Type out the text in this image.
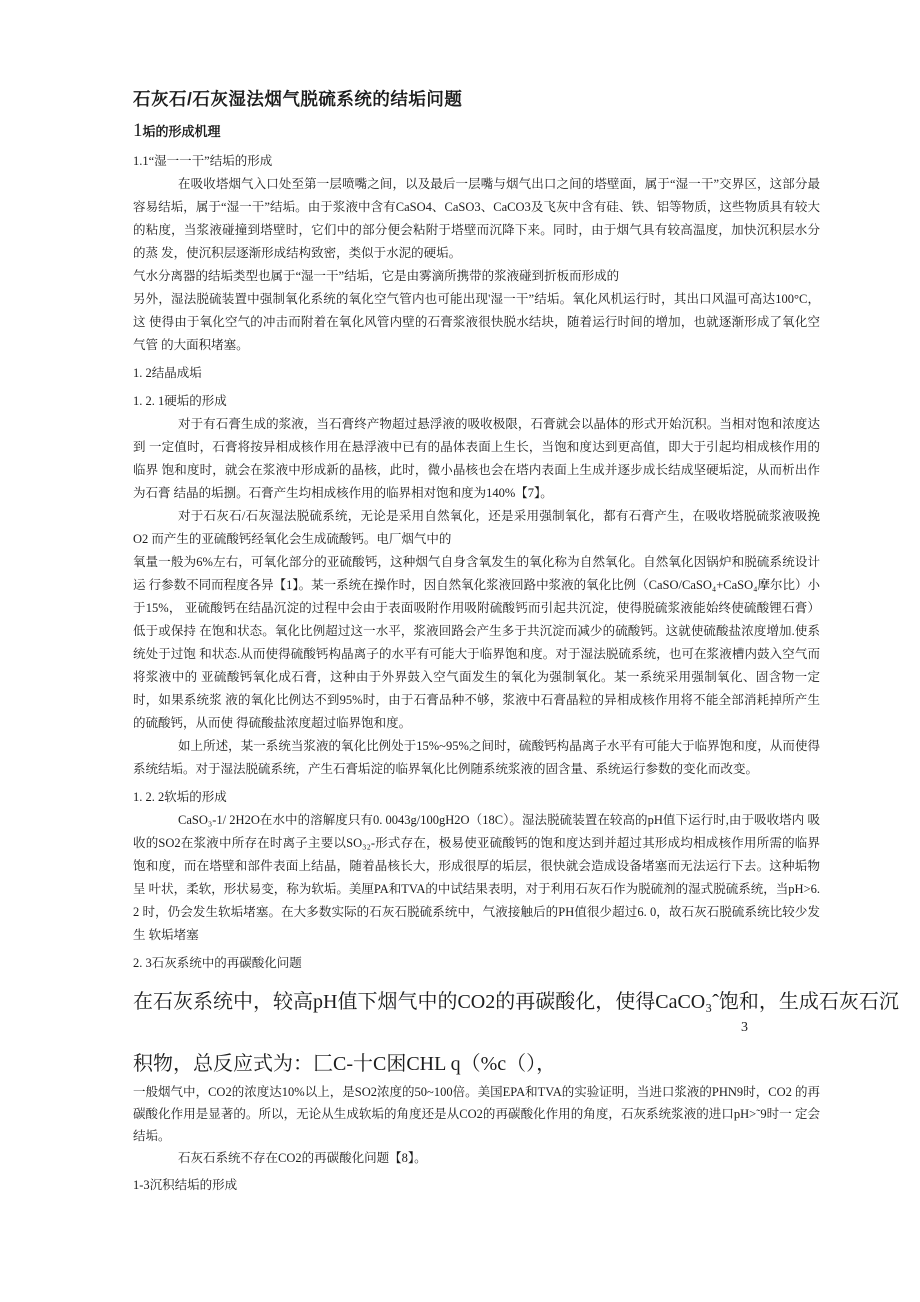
石灰石/石灰湿法烟气脱硫系统的结垢问题
1垢的形成机理
1.1“湿一一干”结垢的形成

在吸收塔烟气入口处至第一层喷嘴之间，以及最后一层嘴与烟气出口之间的塔壁面，属于“湿一干”交界区，这部分最 容易结垢，属于“湿一干”结垢。由于浆液中含有CaSO4、CaSO3、CaCO3及飞灰中含有硅、铁、铝等物质，这些物质具有较大 的粘度，当浆液碰撞到塔壁时，它们中的部分便会粘附于塔壁而沉降下来。同时，由于烟气具有较高温度，加快沉积层水分的蒸 发，使沉积层逐渐形成结构致密，类似于水泥的硬垢。

气水分离器的结垢类型也属于“湿一干”结垢，它是由雾滴所携带的浆液碰到折板而形成的

另外，湿法脱硫装置中强制氧化系统的氧化空气管内也可能出现'湿一干”结垢。氧化风机运行时，其出口风温可高达100°C，这 使得由于氧化空气的冲击而附着在氧化风管内壁的石膏浆液很快脱水结块，随着运行时间的增加，也就逐渐形成了氧化空气管 的大面积堵塞。

1. 2结晶成垢
1. 2. 1硬垢的形成

对于有石膏生成的浆液，当石膏终产物超过悬浮液的吸收极限，石膏就会以晶体的形式开始沉积。当相对饱和浓度达到 一定值时，石膏将按异相成核作用在悬浮液中已有的晶体表面上生长，当饱和度达到更高值，即大于引起均相成核作用的临界 饱和度时，就会在浆液中形成新的晶核，此时，微小晶核也会在塔内表面上生成并逐步成长结成坚硬垢淀，从而析出作为石膏 结晶的垢捌。石膏产生均相成核作用的临界相对饱和度为140%【7】。

对于石灰石/石灰湿法脱硫系统，无论是采用自然氧化，还是采用强制氧化，都有石膏产生，在吸收塔脱硫浆液吸挽O2 而产生的亚硫酸钙经氧化会生成硫酸钙。电厂烟气中的

氧量一般为6%左右，可氧化部分的亚硫酸钙，这种烟气自身含氧发生的氧化称为自然氧化。自然氧化因锅炉和脱硫系统设计运 行参数不同而程度各异【1】。某一系统在操作时，因自然氧化浆液回路中浆液的氧化比例（CaSO/CaSO₄+CaSO₄摩尔比）小于15%， 亚硫酸钙在结晶沉淀的过程中会由于表面吸附作用吸附硫酸钙而引起共沉淀，使得脱硫浆液能始终使硫酸锂石膏）低于或保持 在饱和状态。氧化比例超过这一水平，浆液回路会产生多于共沉淀而减少的硫酸钙。这就使硫酸盐浓度增加.使系统处于过饱 和状态.从而使得硫酸钙构晶离子的水平有可能大于临界饱和度。对于湿法脱硫系统，也可在浆液槽内鼓入空气而将浆液中的 亚硫酸钙氧化成石膏，这种由于外界鼓入空气面发生的氧化为强制氧化。某一系统采用强制氧化、固含物一定时，如果系统浆 液的氧化比例达不到95%时，由于石膏品种不够，浆液中石膏晶粒的异相成核作用将不能全部消耗掉所产生的硫酸钙，从而使 得硫酸盐浓度超过临界饱和度。

如上所述，某一系统当浆液的氧化比例处于15%~95%之间时，硫酸钙构晶离子水平有可能大于临界饱和度，从而使得 系统结垢。对于湿法脱硫系统，产生石膏垢淀的临界氧化比例随系统浆液的固含量、系统运行参数的变化而改变。

1. 2. 2软垢的形成

CaSO₃-1/ 2H2O在水中的溶解度只有0. 0043g/100gH2O（18C）。湿法脱硫装置在较高的pH值下运行时,由于吸收塔内 吸收的SO2在浆液中所存在时离子主要以SO₃₂-形式存在，极易使亚硫酸钙的饱和度达到并超过其形成均相成核作用所需的临界 饱和度，而在塔壁和部件表面上结晶，随着晶核长大，形成很厚的垢层，很快就会造成设备堵塞而无法运行下去。这种垢物呈 叶状，柔软，形状易变，称为软垢。美厘PA和TVA的中试结果表明，对于利用石灰石作为脱硫剂的湿式脱硫系统，当pH>6. 2 时，仍会发生软垢堵塞。在大多数实际的石灰石脱硫系统中，气液接触后的PH值很少超过6. 0，故石灰石脱硫系统比较少发生 软垢堵塞

2. 3石灰系统中的再碳酸化问题

在石灰系统中，较高pH值下烟气中的CO2的再碳酸化，使得CaCO₃ˆ饱和，生成石灰石沉

3

积物，总反应式为：匚C-十C困CHL q（%c（），

一般烟气中，CO2的浓度达10%以上，是SO2浓度的50~100倍。美国EPA和TVA的实验证明，当进口浆液的PHN9时，CO2 的再碳酸化作用是显著的。所以，无论从生成软垢的角度还是从CO2的再碳酸化作用的角度，石灰系统浆液的进口pH>˜9时一 定会结垢。

石灰石系统不存在CO2的再碳酸化问题【8】。

1-3沉积结垢的形成
